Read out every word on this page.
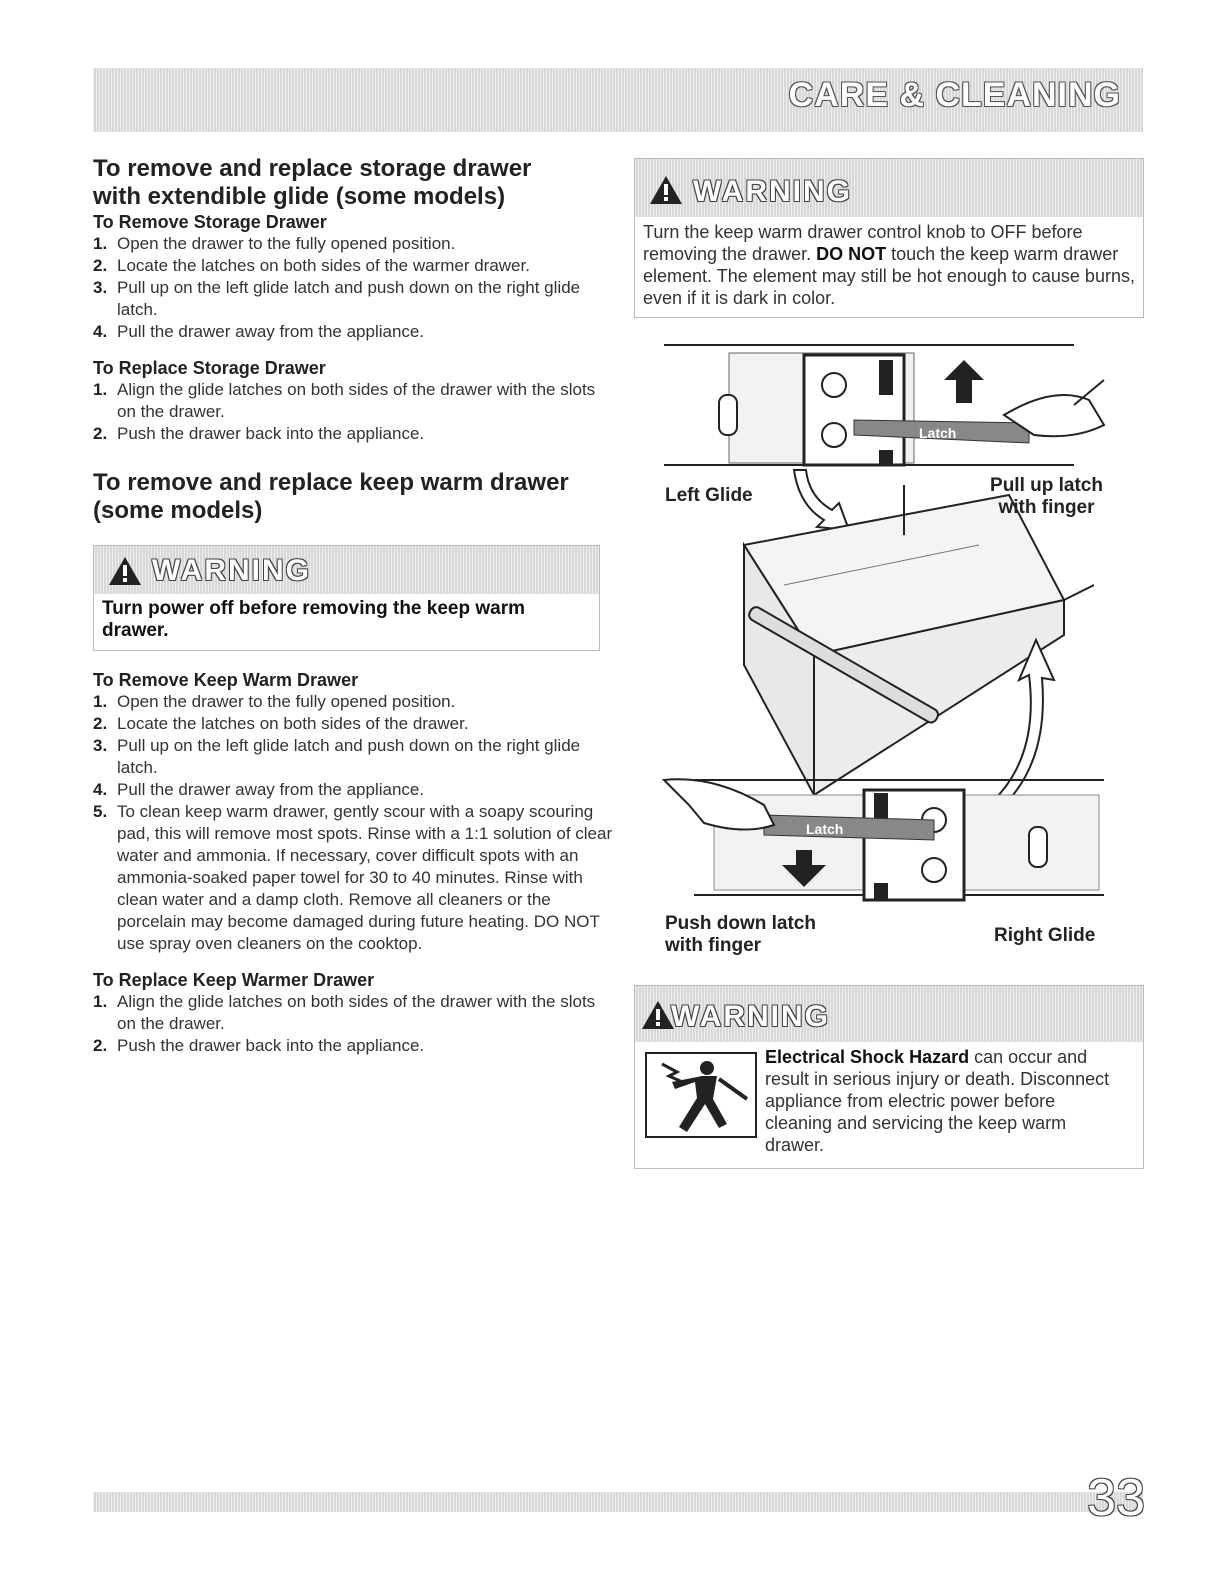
CARE & CLEANING
To remove and replace storage drawer with extendible glide (some models)
To Remove Storage Drawer
1. Open the drawer to the fully opened position.
2. Locate the latches on both sides of the warmer drawer.
3. Pull up on the left glide latch and push down on the right glide latch.
4. Pull the drawer away from the appliance.
To Replace Storage Drawer
1. Align the glide latches on both sides of the drawer with the slots on the drawer.
2. Push the drawer back into the appliance.
To remove and replace keep warm drawer (some models)
WARNING
Turn power off before removing the keep warm drawer.
To Remove Keep Warm Drawer
1. Open the drawer to the fully opened position.
2. Locate the latches on both sides of the drawer.
3. Pull up on the left glide latch and push down on the right glide latch.
4. Pull the drawer away from the appliance.
5. To clean keep warm drawer, gently scour with a soapy scouring pad, this will remove most spots. Rinse with a 1:1 solution of clear water and ammonia. If necessary, cover difficult spots with an ammonia-soaked paper towel for 30 to 40 minutes. Rinse with clean water and a damp cloth. Remove all cleaners or the porcelain may become damaged during future heating. DO NOT use spray oven cleaners on the cooktop.
To Replace Keep Warmer Drawer
1. Align the glide latches on both sides of the drawer with the slots on the drawer.
2. Push the drawer back into the appliance.
WARNING
Turn the keep warm drawer control knob to OFF before removing the drawer. DO NOT touch the keep warm drawer element. The element may still be hot enough to cause burns, even if it is dark in color.
Latch
Left Glide	Pull up latch
with finger
Latch
Push down latch
with finger	Right Glide
WARNING
Electrical Shock Hazard can occur and result in serious injury or death. Disconnect appliance from electric power before cleaning and servicing the keep warm drawer.
33
